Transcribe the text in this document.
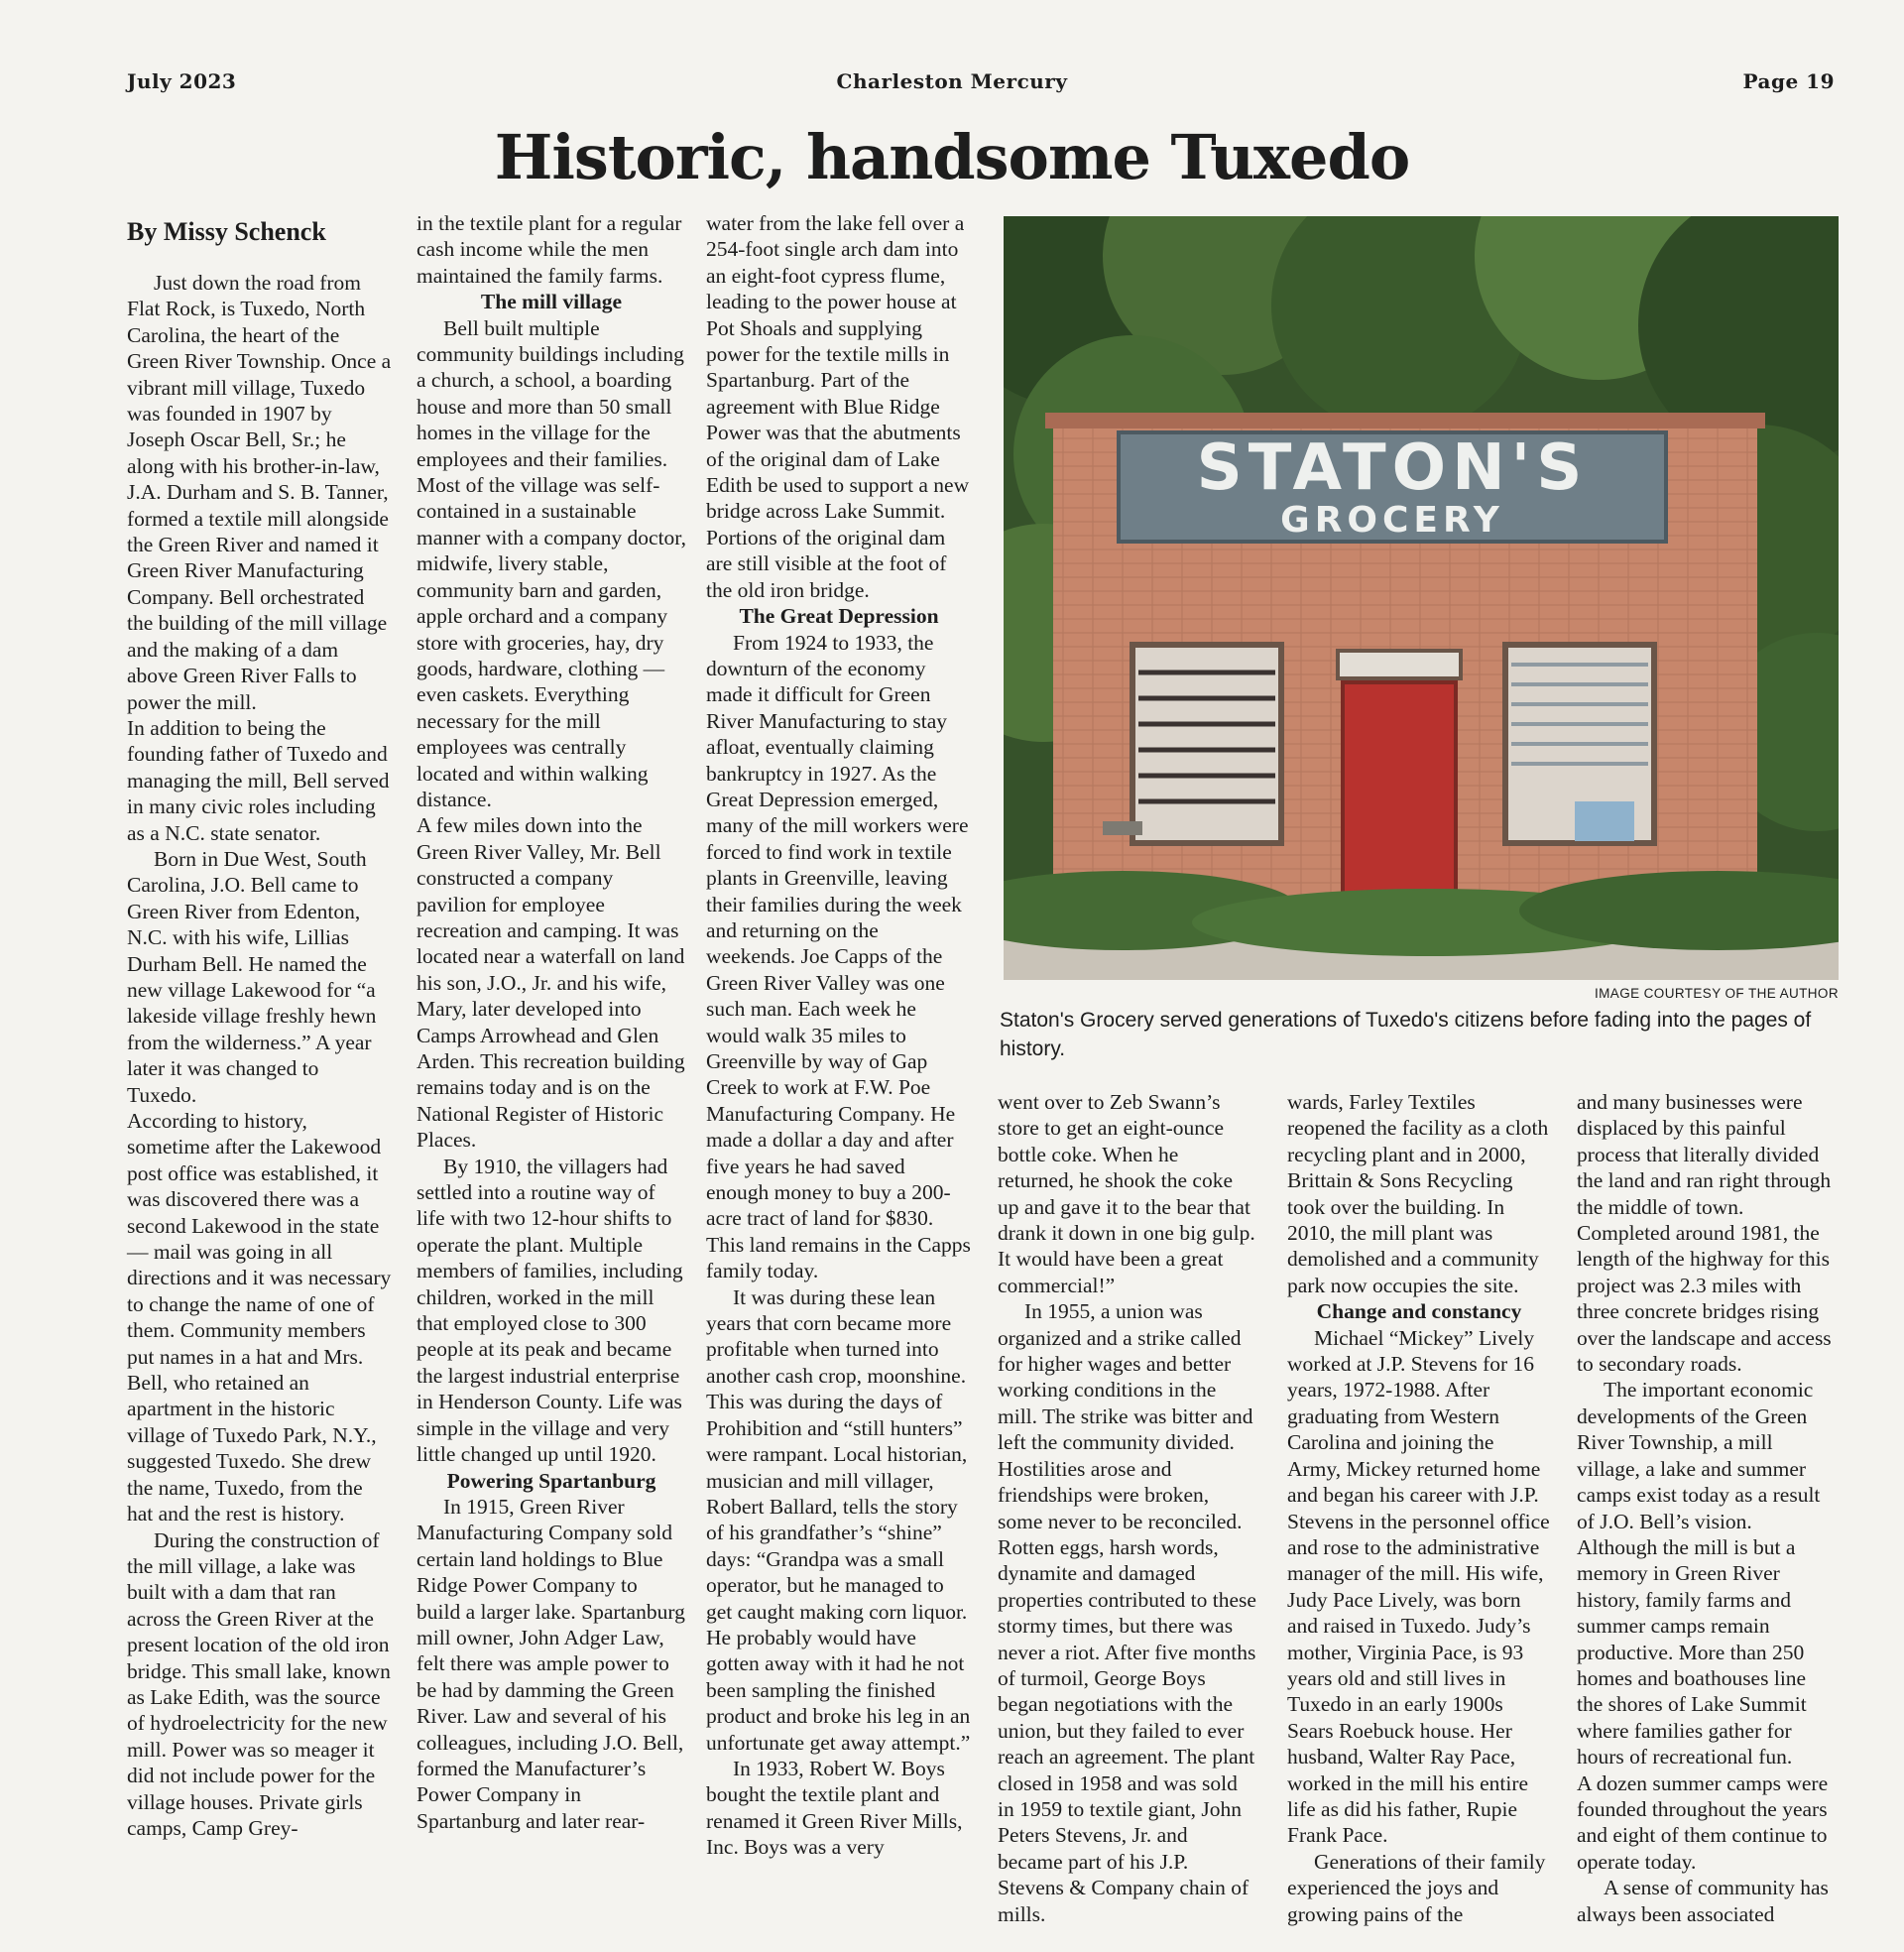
July 2023	Charleston Mercury	Page 19
Historic, handsome Tuxedo

By Missy Schenck

Just down the road from Flat Rock, is Tuxedo, North Carolina, the heart of the Green River Township. Once a vibrant mill village, Tuxedo was founded in 1907 by Joseph Oscar Bell, Sr.; he along with his brother-in-law, J.A. Durham and S. B. Tanner, formed a textile mill alongside the Green River and named it Green River Manufacturing Company. Bell orchestrated the building of the mill village and the making of a dam above Green River Falls to power the mill.

In addition to being the founding father of Tuxedo and managing the mill, Bell served in many civic roles including as a N.C. state senator.

Born in Due West, South Carolina, J.O. Bell came to Green River from Edenton, N.C. with his wife, Lillias Durham Bell. He named the new village Lakewood for “a lakeside village freshly hewn from the wilderness.” A year later it was changed to Tuxedo.

According to history, sometime after the Lakewood post office was established, it was discovered there was a second Lakewood in the state — mail was going in all directions and it was necessary to change the name of one of them. Community members put names in a hat and Mrs. Bell, who retained an apartment in the historic village of Tuxedo Park, N.Y., suggested Tuxedo. She drew the name, Tuxedo, from the hat and the rest is history.

During the construction of the mill village, a lake was built with a dam that ran across the Green River at the present location of the old iron bridge. This small lake, known as Lake Edith, was the source of hydroelectricity for the new mill. Power was so meager it did not include power for the village houses. Private girls camps, Camp Grey-

in the textile plant for a regular cash income while the men maintained the family farms.

The mill village

Bell built multiple community buildings including a church, a school, a boarding house and more than 50 small homes in the village for the employees and their families. Most of the village was self-contained in a sustainable manner with a company doctor, midwife, livery stable, community barn and garden, apple orchard and a company store with groceries, hay, dry goods, hardware, clothing — even caskets. Everything necessary for the mill employees was centrally located and within walking distance.

A few miles down into the Green River Valley, Mr. Bell constructed a company pavilion for employee recreation and camping. It was located near a waterfall on land his son, J.O., Jr. and his wife, Mary, later developed into Camps Arrowhead and Glen Arden. This recreation building remains today and is on the National Register of Historic Places.

By 1910, the villagers had settled into a routine way of life with two 12-hour shifts to operate the plant. Multiple members of families, including children, worked in the mill that employed close to 300 people at its peak and became the largest industrial enterprise in Henderson County. Life was simple in the village and very little changed up until 1920.

Powering Spartanburg

In 1915, Green River Manufacturing Company sold certain land holdings to Blue Ridge Power Company to build a larger lake. Spartanburg mill owner, John Adger Law, felt there was ample power to be had by damming the Green River. Law and several of his colleagues, including J.O. Bell, formed the Manufacturer’s Power Company in Spartanburg and later rear-

water from the lake fell over a 254-foot single arch dam into an eight-foot cypress flume, leading to the power house at Pot Shoals and supplying power for the textile mills in Spartanburg. Part of the agreement with Blue Ridge Power was that the abutments of the original dam of Lake Edith be used to support a new bridge across Lake Summit. Portions of the original dam are still visible at the foot of the old iron bridge.

The Great Depression

From 1924 to 1933, the downturn of the economy made it difficult for Green River Manufacturing to stay afloat, eventually claiming bankruptcy in 1927. As the Great Depression emerged, many of the mill workers were forced to find work in textile plants in Greenville, leaving their families during the week and returning on the weekends. Joe Capps of the Green River Valley was one such man. Each week he would walk 35 miles to Greenville by way of Gap Creek to work at F.W. Poe Manufacturing Company. He made a dollar a day and after five years he had saved enough money to buy a 200-acre tract of land for $830. This land remains in the Capps family today.

It was during these lean years that corn became more profitable when turned into another cash crop, moonshine. This was during the days of Prohibition and “still hunters” were rampant. Local historian, musician and mill villager, Robert Ballard, tells the story of his grandfather’s “shine” days: “Grandpa was a small operator, but he managed to get caught making corn liquor. He probably would have gotten away with it had he not been sampling the finished product and broke his leg in an unfortunate get away attempt.”

In 1933, Robert W. Boys bought the textile plant and renamed it Green River Mills, Inc. Boys was a very

STATON'S
GROCERY
IMAGE COURTESY OF THE AUTHOR
Staton's Grocery served generations of Tuxedo's citizens before fading into the pages of history.

went over to Zeb Swann’s store to get an eight-ounce bottle coke. When he returned, he shook the coke up and gave it to the bear that drank it down in one big gulp. It would have been a great commercial!”

In 1955, a union was organized and a strike called for higher wages and better working conditions in the mill. The strike was bitter and left the community divided. Hostilities arose and friendships were broken, some never to be reconciled. Rotten eggs, harsh words, dynamite and damaged properties contributed to these stormy times, but there was never a riot. After five months of turmoil, George Boys began negotiations with the union, but they failed to ever reach an agreement. The plant closed in 1958 and was sold in 1959 to textile giant, John Peters Stevens, Jr. and became part of his J.P. Stevens & Company chain of mills.

wards, Farley Textiles reopened the facility as a cloth recycling plant and in 2000, Brittain & Sons Recycling took over the building. In 2010, the mill plant was demolished and a community park now occupies the site.

Change and constancy

Michael “Mickey” Lively worked at J.P. Stevens for 16 years, 1972-1988. After graduating from Western Carolina and joining the Army, Mickey returned home and began his career with J.P. Stevens in the personnel office and rose to the administrative manager of the mill. His wife, Judy Pace Lively, was born and raised in Tuxedo. Judy’s mother, Virginia Pace, is 93 years old and still lives in Tuxedo in an early 1900s Sears Roebuck house. Her husband, Walter Ray Pace, worked in the mill his entire life as did his father, Rupie Frank Pace.

Generations of their family experienced the joys and growing pains of the

and many businesses were displaced by this painful process that literally divided the land and ran right through the middle of town. Completed around 1981, the length of the highway for this project was 2.3 miles with three concrete bridges rising over the landscape and access to secondary roads.

The important economic developments of the Green River Township, a mill village, a lake and summer camps exist today as a result of J.O. Bell’s vision.

Although the mill is but a memory in Green River history, family farms and summer camps remain productive. More than 250 homes and boathouses line the shores of Lake Summit where families gather for hours of recreational fun.

A dozen summer camps were founded throughout the years and eight of them continue to operate today.

A sense of community has always been associated
